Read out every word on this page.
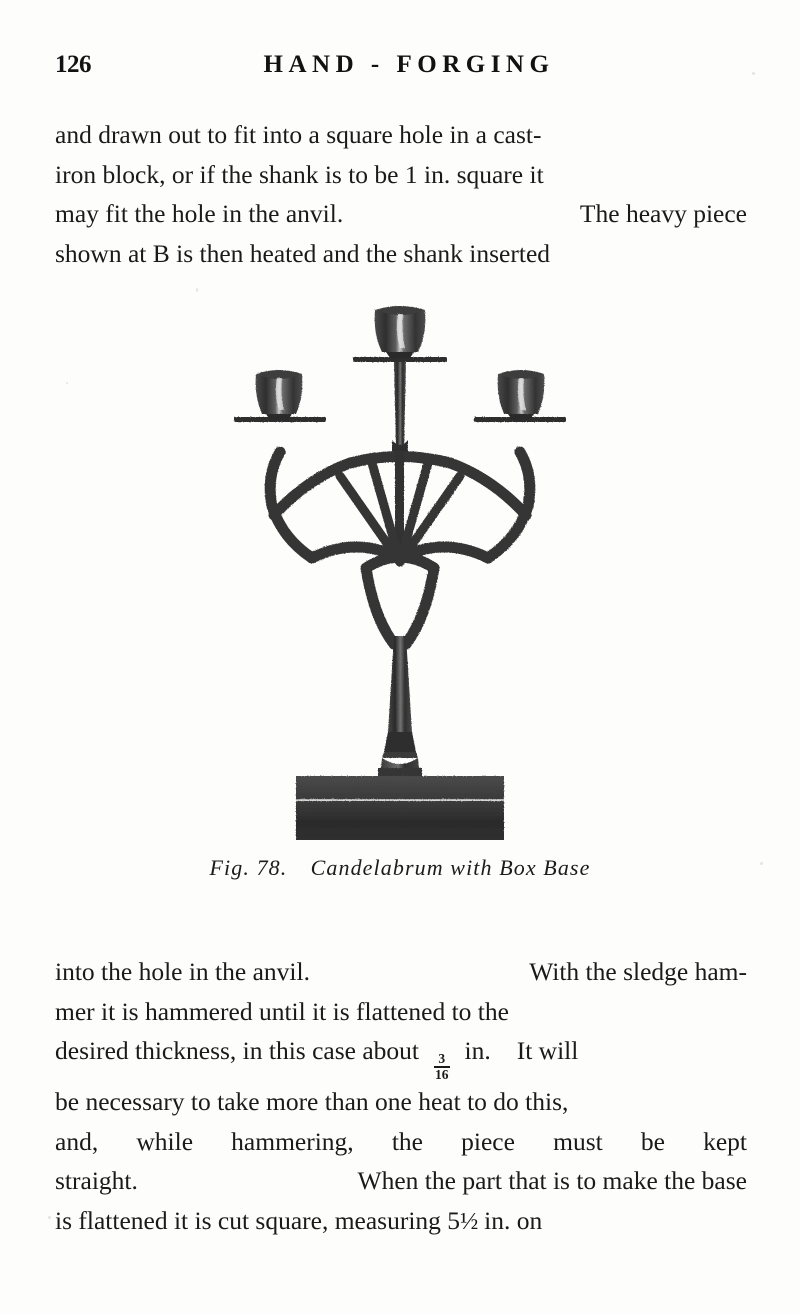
126	HAND - FORGING
and drawn out to fit into a square hole in a cast-
iron block, or if the shank is to be 1 in. square it
may fit the hole in the anvil.	The heavy piece
shown at B is then heated and the shank inserted
Fig. 78. Candelabrum with Box Base
into the hole in the anvil.	With the sledge ham-
mer it is hammered until it is flattened to the
desired thickness, in this case about
$\frac{3}{16}$
in. It will
be necessary to take more than one heat to do this,
and, while hammering, the piece must be kept
straight.	When the part that is to make the base
is flattened it is cut square, measuring 5½ in. on
